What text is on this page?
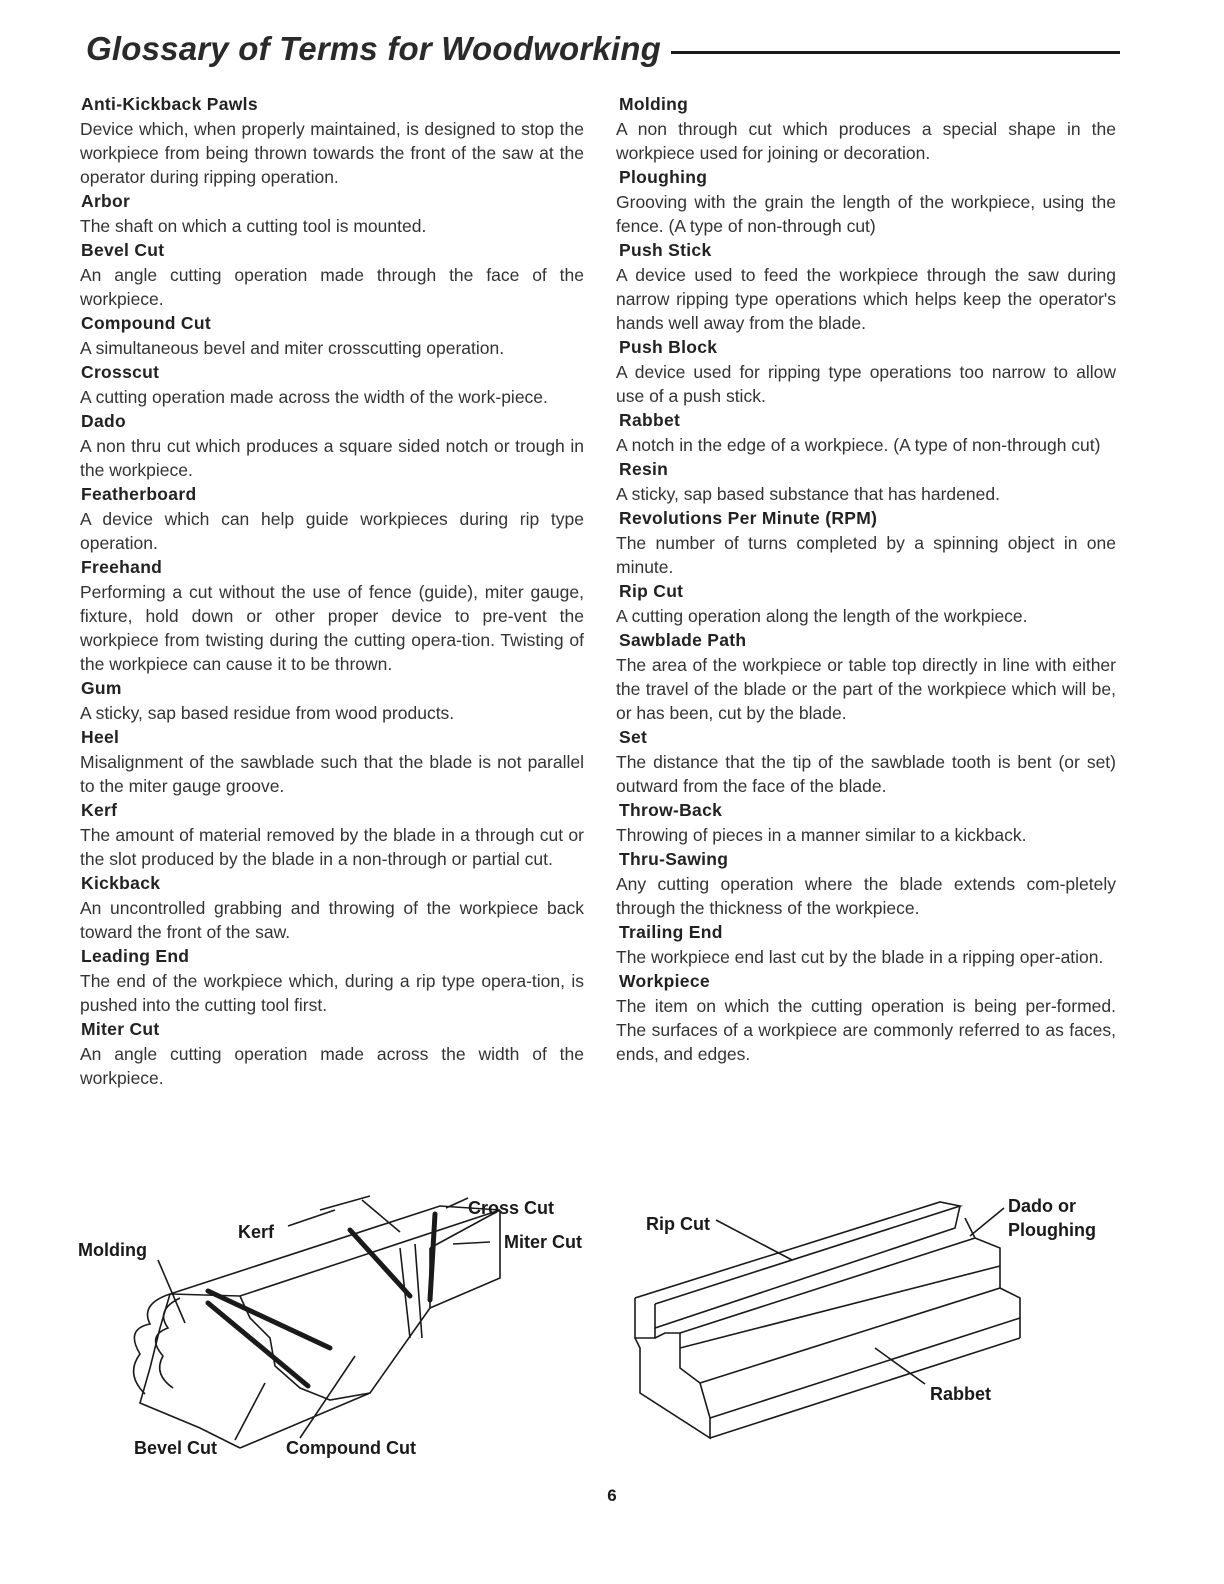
Glossary of Terms for Woodworking
Anti-Kickback Pawls
Device which, when properly maintained, is designed to stop the workpiece from being thrown towards the front of the saw at the operator during ripping operation.
Arbor
The shaft on which a cutting tool is mounted.
Bevel Cut
An angle cutting operation made through the face of the workpiece.
Compound Cut
A simultaneous bevel and miter crosscutting operation.
Crosscut
A cutting operation made across the width of the work-piece.
Dado
A non thru cut which produces a square sided notch or trough in the workpiece.
Featherboard
A device which can help guide workpieces during rip type operation.
Freehand
Performing a cut without the use of fence (guide), miter gauge, fixture, hold down or other proper device to pre-vent the workpiece from twisting during the cutting opera-tion. Twisting of the workpiece can cause it to be thrown.
Gum
A sticky, sap based residue from wood products.
Heel
Misalignment of the sawblade such that the blade is not parallel to the miter gauge groove.
Kerf
The amount of material removed by the blade in a through cut or the slot produced by the blade in a non-through or partial cut.
Kickback
An uncontrolled grabbing and throwing of the workpiece back toward the front of the saw.
Leading End
The end of the workpiece which, during a rip type opera-tion, is pushed into the cutting tool first.
Miter Cut
An angle cutting operation made across the width of the workpiece.
Molding
A non through cut which produces a special shape in the workpiece used for joining or decoration.
Ploughing
Grooving with the grain the length of the workpiece, using the fence. (A type of non-through cut)
Push Stick
A device used to feed the workpiece through the saw during narrow ripping type operations which helps keep the operator's hands well away from the blade.
Push Block
A device used for ripping type operations too narrow to allow use of a push stick.
Rabbet
A notch in the edge of a workpiece. (A type of non-through cut)
Resin
A sticky, sap based substance that has hardened.
Revolutions Per Minute (RPM)
The number of turns completed by a spinning object in one minute.
Rip Cut
A cutting operation along the length of the workpiece.
Sawblade Path
The area of the workpiece or table top directly in line with either the travel of the blade or the part of the workpiece which will be, or has been, cut by the blade.
Set
The distance that the tip of the sawblade tooth is bent (or set) outward from the face of the blade.
Throw-Back
Throwing of pieces in a manner similar to a kickback.
Thru-Sawing
Any cutting operation where the blade extends com-pletely through the thickness of the workpiece.
Trailing End
The workpiece end last cut by the blade in a ripping oper-ation.
Workpiece
The item on which the cutting operation is being per-formed. The surfaces of a workpiece are commonly referred to as faces, ends, and edges.
Kerf
Cross Cut
Miter Cut
Molding
Bevel Cut	Compound Cut
Rip Cut
Dado or
Ploughing
Rabbet
6
